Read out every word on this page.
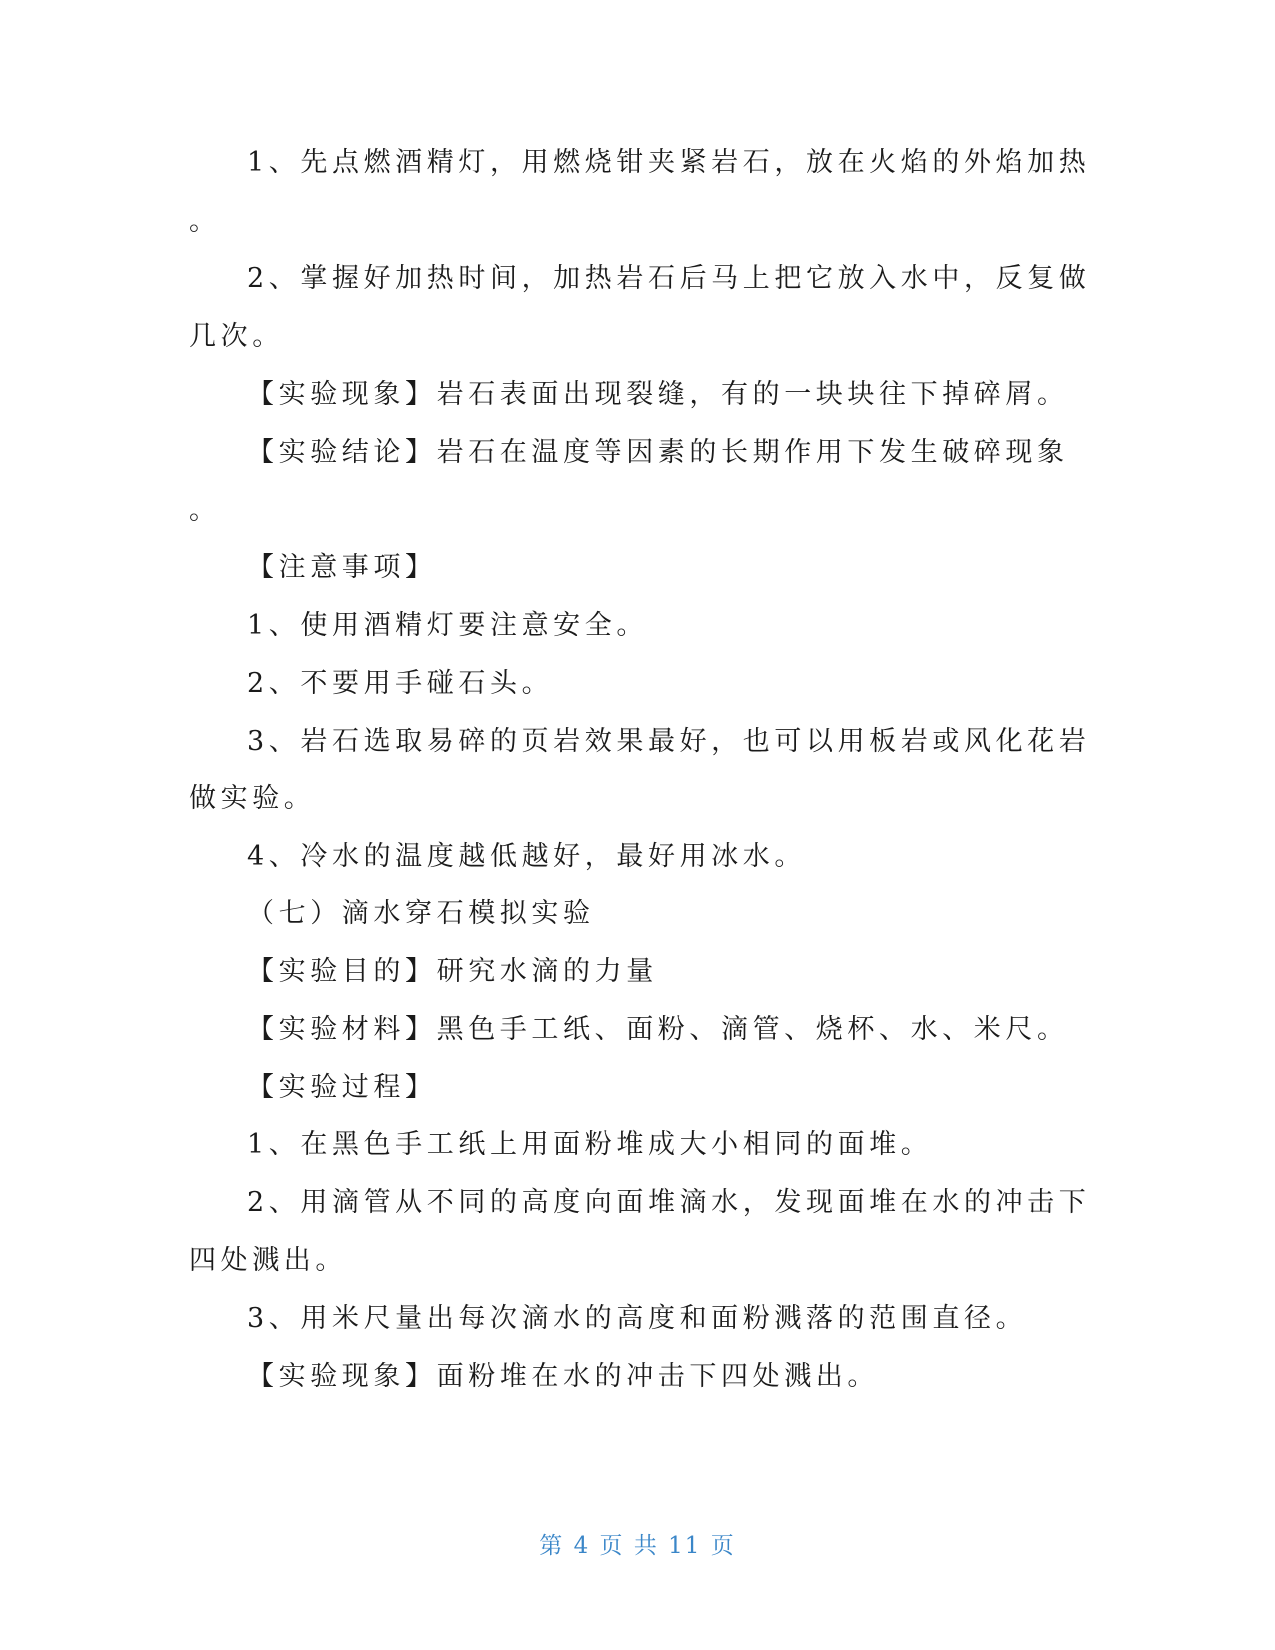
1、先点燃酒精灯，用燃烧钳夹紧岩石，放在火焰的外焰加热
。
2、掌握好加热时间，加热岩石后马上把它放入水中，反复做
几次。
【实验现象】岩石表面出现裂缝，有的一块块往下掉碎屑。
【实验结论】岩石在温度等因素的长期作用下发生破碎现象
。
【注意事项】
1、使用酒精灯要注意安全。
2、不要用手碰石头。
3、岩石选取易碎的页岩效果最好，也可以用板岩或风化花岩
做实验。
4、冷水的温度越低越好，最好用冰水。
（七）滴水穿石模拟实验
【实验目的】研究水滴的力量
【实验材料】黑色手工纸、面粉、滴管、烧杯、水、米尺。
【实验过程】
1、在黑色手工纸上用面粉堆成大小相同的面堆。
2、用滴管从不同的高度向面堆滴水，发现面堆在水的冲击下
四处溅出。
3、用米尺量出每次滴水的高度和面粉溅落的范围直径。
【实验现象】面粉堆在水的冲击下四处溅出。
第 4 页 共 11 页
